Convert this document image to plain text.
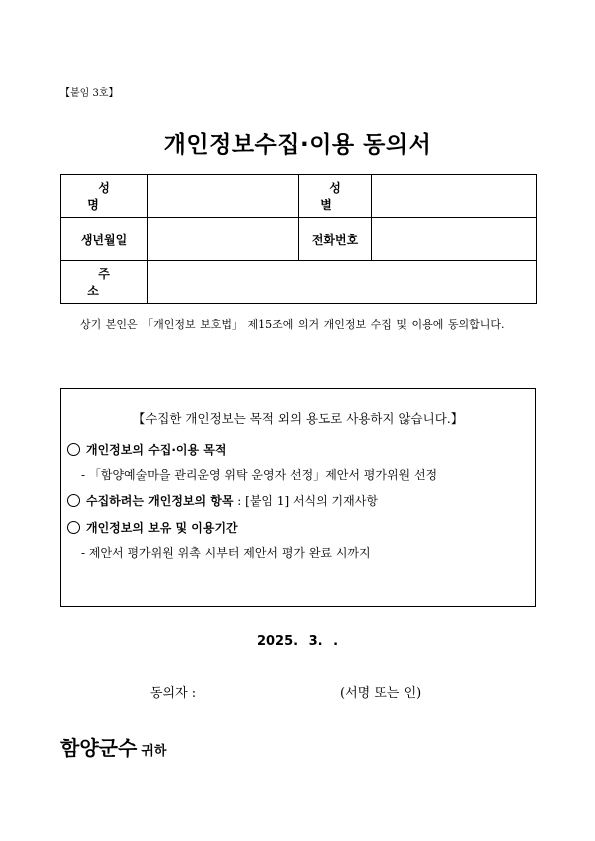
【붙임 3호】
개인정보수집·이용 동의서
성 명		성 별	
생년월일		전화번호	
주 소			
상기 본인은 「개인정보 보호법」 제15조에 의거 개인정보 수집 및 이용에 동의합니다.
【수집한 개인정보는 목적 외의 용도로 사용하지 않습니다.】
개인정보의 수집·이용 목적
- 「함양예술마을 관리운영 위탁 운영자 선정」제안서 평가위원 선정
수집하려는 개인정보의 항목 : [붙임 1] 서식의 기재사항
개인정보의 보유 및 이용기간
- 제안서 평가위원 위촉 시부터 제안서 평가 완료 시까지
2025. 3. .
동의자 :	(서명 또는 인)
함양군수 귀하
